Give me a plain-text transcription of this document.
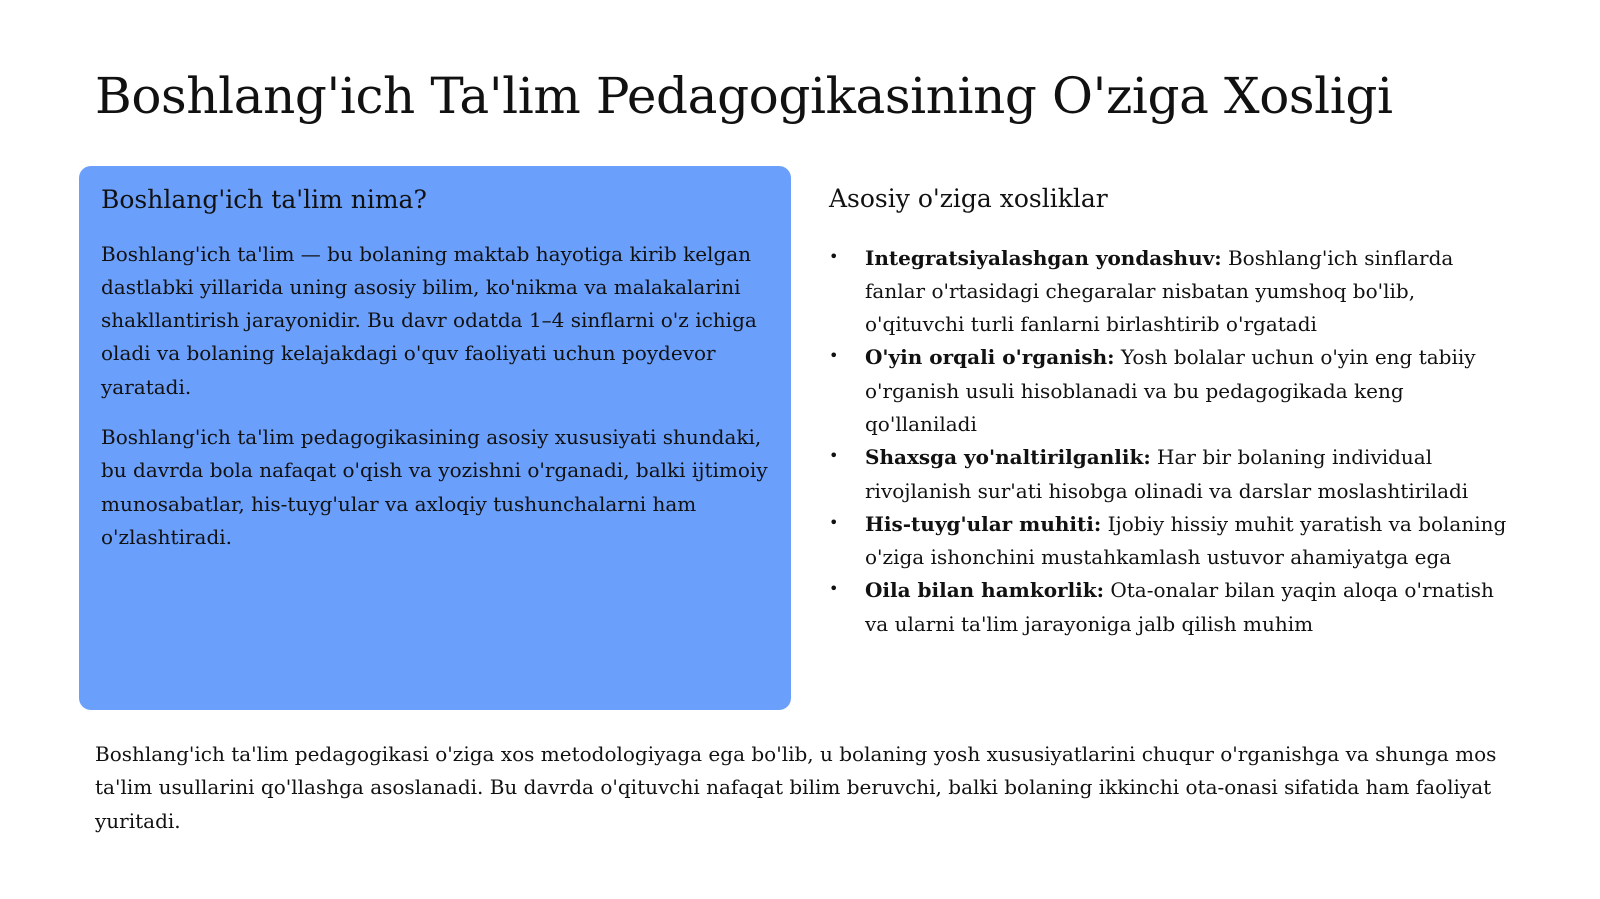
Boshlang'ich Ta'lim Pedagogikasining O'ziga Xosligi
Boshlang'ich ta'lim nima?

Boshlang'ich ta'lim — bu bolaning maktab hayotiga kirib kelgan dastlabki yillarida uning asosiy bilim, ko'nikma va malakalarini shakllantirish jarayonidir. Bu davr odatda 1–4 sinflarni o'z ichiga oladi va bolaning kelajakdagi o'quv faoliyati uchun poydevor yaratadi.

Boshlang'ich ta'lim pedagogikasining asosiy xususiyati shundaki, bu davrda bola nafaqat o'qish va yozishni o'rganadi, balki ijtimoiy munosabatlar, his-tuyg'ular va axloqiy tushunchalarni ham o'zlashtiradi.

Asosiy o'ziga xosliklar
• Integratsiyalashgan yondashuv: Boshlang'ich sinflarda fanlar o'rtasidagi chegaralar nisbatan yumshoq bo'lib, o'qituvchi turli fanlarni birlashtirib o'rgatadi
• O'yin orqali o'rganish: Yosh bolalar uchun o'yin eng tabiiy o'rganish usuli hisoblanadi va bu pedagogikada keng qo'llaniladi
• Shaxsga yo'naltirilganlik: Har bir bolaning individual rivojlanish sur'ati hisobga olinadi va darslar moslashtiriladi
• His-tuyg'ular muhiti: Ijobiy hissiy muhit yaratish va bolaning o'ziga ishonchini mustahkamlash ustuvor ahamiyatga ega
• Oila bilan hamkorlik: Ota-onalar bilan yaqin aloqa o'rnatish va ularni ta'lim jarayoniga jalb qilish muhim

Boshlang'ich ta'lim pedagogikasi o'ziga xos metodologiyaga ega bo'lib, u bolaning yosh xususiyatlarini chuqur o'rganishga va shunga mos ta'lim usullarini qo'llashga asoslanadi. Bu davrda o'qituvchi nafaqat bilim beruvchi, balki bolaning ikkinchi ota-onasi sifatida ham faoliyat yuritadi.
